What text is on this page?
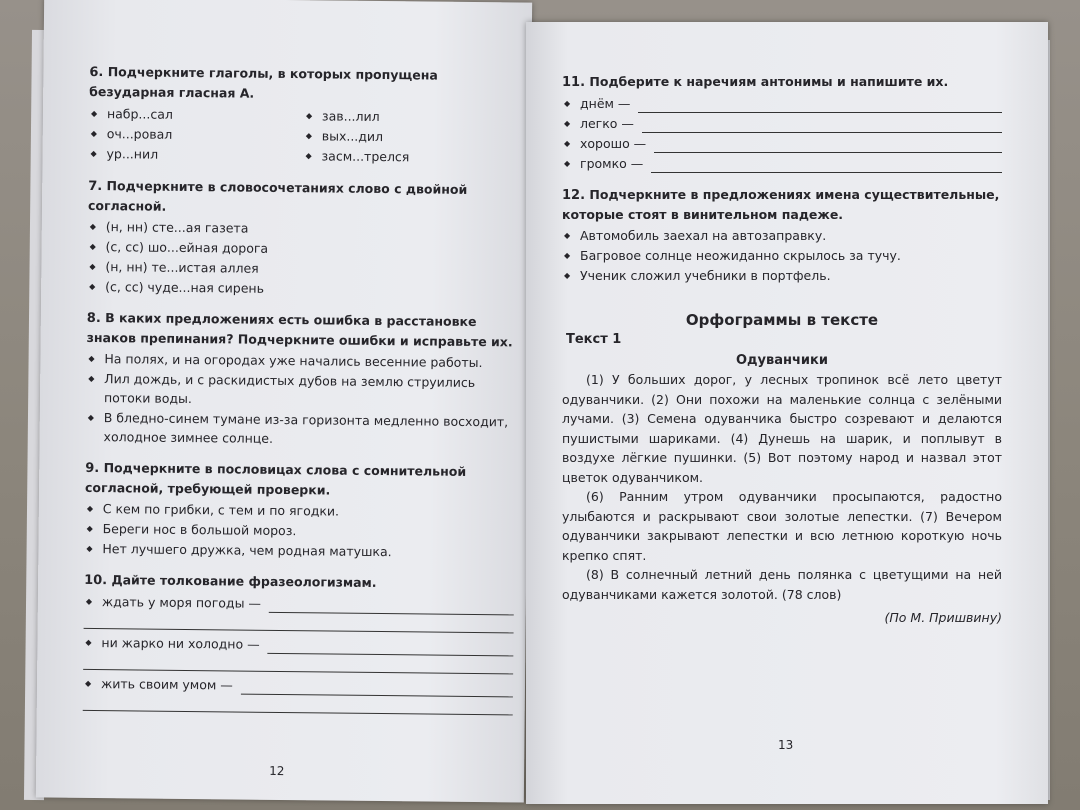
6. Подчеркните глаголы, в которых пропущена безударная гласная А.
◆ набр...сал
◆ оч...ровал
◆ ур...нил
◆ зав...лил
◆ вых...дил
◆ засм...трелся
7. Подчеркните в словосочетаниях слово с двойной согласной.
◆ (н, нн) сте...ая газета
◆ (с, сс) шо...ейная дорога
◆ (н, нн) те...истая аллея
◆ (с, сс) чуде...ная сирень
8. В каких предложениях есть ошибка в расстановке знаков препинания? Подчеркните ошибки и исправьте их.
◆ На полях, и на огородах уже начались весенние работы.
◆ Лил дождь, и с раскидистых дубов на землю струились потоки воды.
◆ В бледно-синем тумане из-за горизонта медленно восходит, холодное зимнее солнце.
9. Подчеркните в пословицах слова с сомнительной согласной, требующей проверки.
◆ С кем по грибки, с тем и по ягодки.
◆ Береги нос в большой мороз.
◆ Нет лучшего дружка, чем родная матушка.
10. Дайте толкование фразеологизмам.
◆ ждать у моря погоды —
◆ ни жарко ни холодно —
◆ жить своим умом —
12
11. Подберите к наречиям антонимы и напишите их.
◆ днём —
◆ легко —
◆ хорошо —
◆ громко —
12. Подчеркните в предложениях имена существительные, которые стоят в винительном падеже.
◆ Автомобиль заехал на автозаправку.
◆ Багровое солнце неожиданно скрылось за тучу.
◆ Ученик сложил учебники в портфель.
Орфограммы в тексте
Текст 1
Одуванчики

(1) У больших дорог, у лесных тропинок всё лето цветут одуванчики. (2) Они похожи на маленькие солнца с зелёными лучами. (3) Семена одуванчика быстро созревают и делаются пушистыми шариками. (4) Дунешь на шарик, и поплывут в воздухе лёгкие пушинки. (5) Вот поэтому народ и назвал этот цветок одуванчиком.

(6) Ранним утром одуванчики просыпаются, радостно улыбаются и раскрывают свои золотые лепестки. (7) Вечером одуванчики закрывают лепестки и всю летнюю короткую ночь крепко спят.

(8) В солнечный летний день полянка с цветущими на ней одуванчиками кажется золотой. (78 слов)

(По М. Пришвину)
13
